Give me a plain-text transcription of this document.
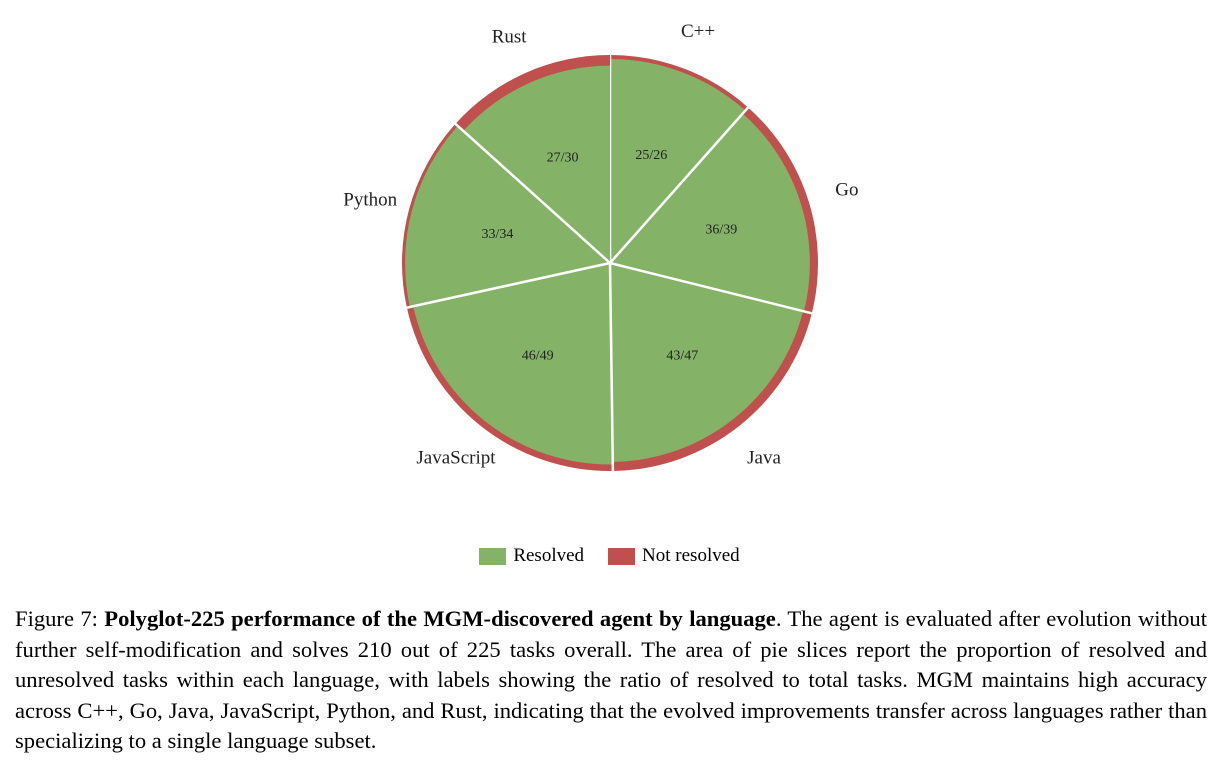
25/26
C++
36/39
Go
43/47
Java
46/49
JavaScript
33/34
Python
27/30
Rust
Resolved	Not resolved
Figure 7: Polyglot-225 performance of the MGM-discovered agent by language. The agent is evaluated after evolution without further self-modification and solves 210 out of 225 tasks overall. The area of pie slices report the proportion of resolved and unresolved tasks within each language, with labels showing the ratio of resolved to total tasks. MGM maintains high accuracy across C++, Go, Java, JavaScript, Python, and Rust, indicating that the evolved improvements transfer across languages rather than specializing to a single language subset.
